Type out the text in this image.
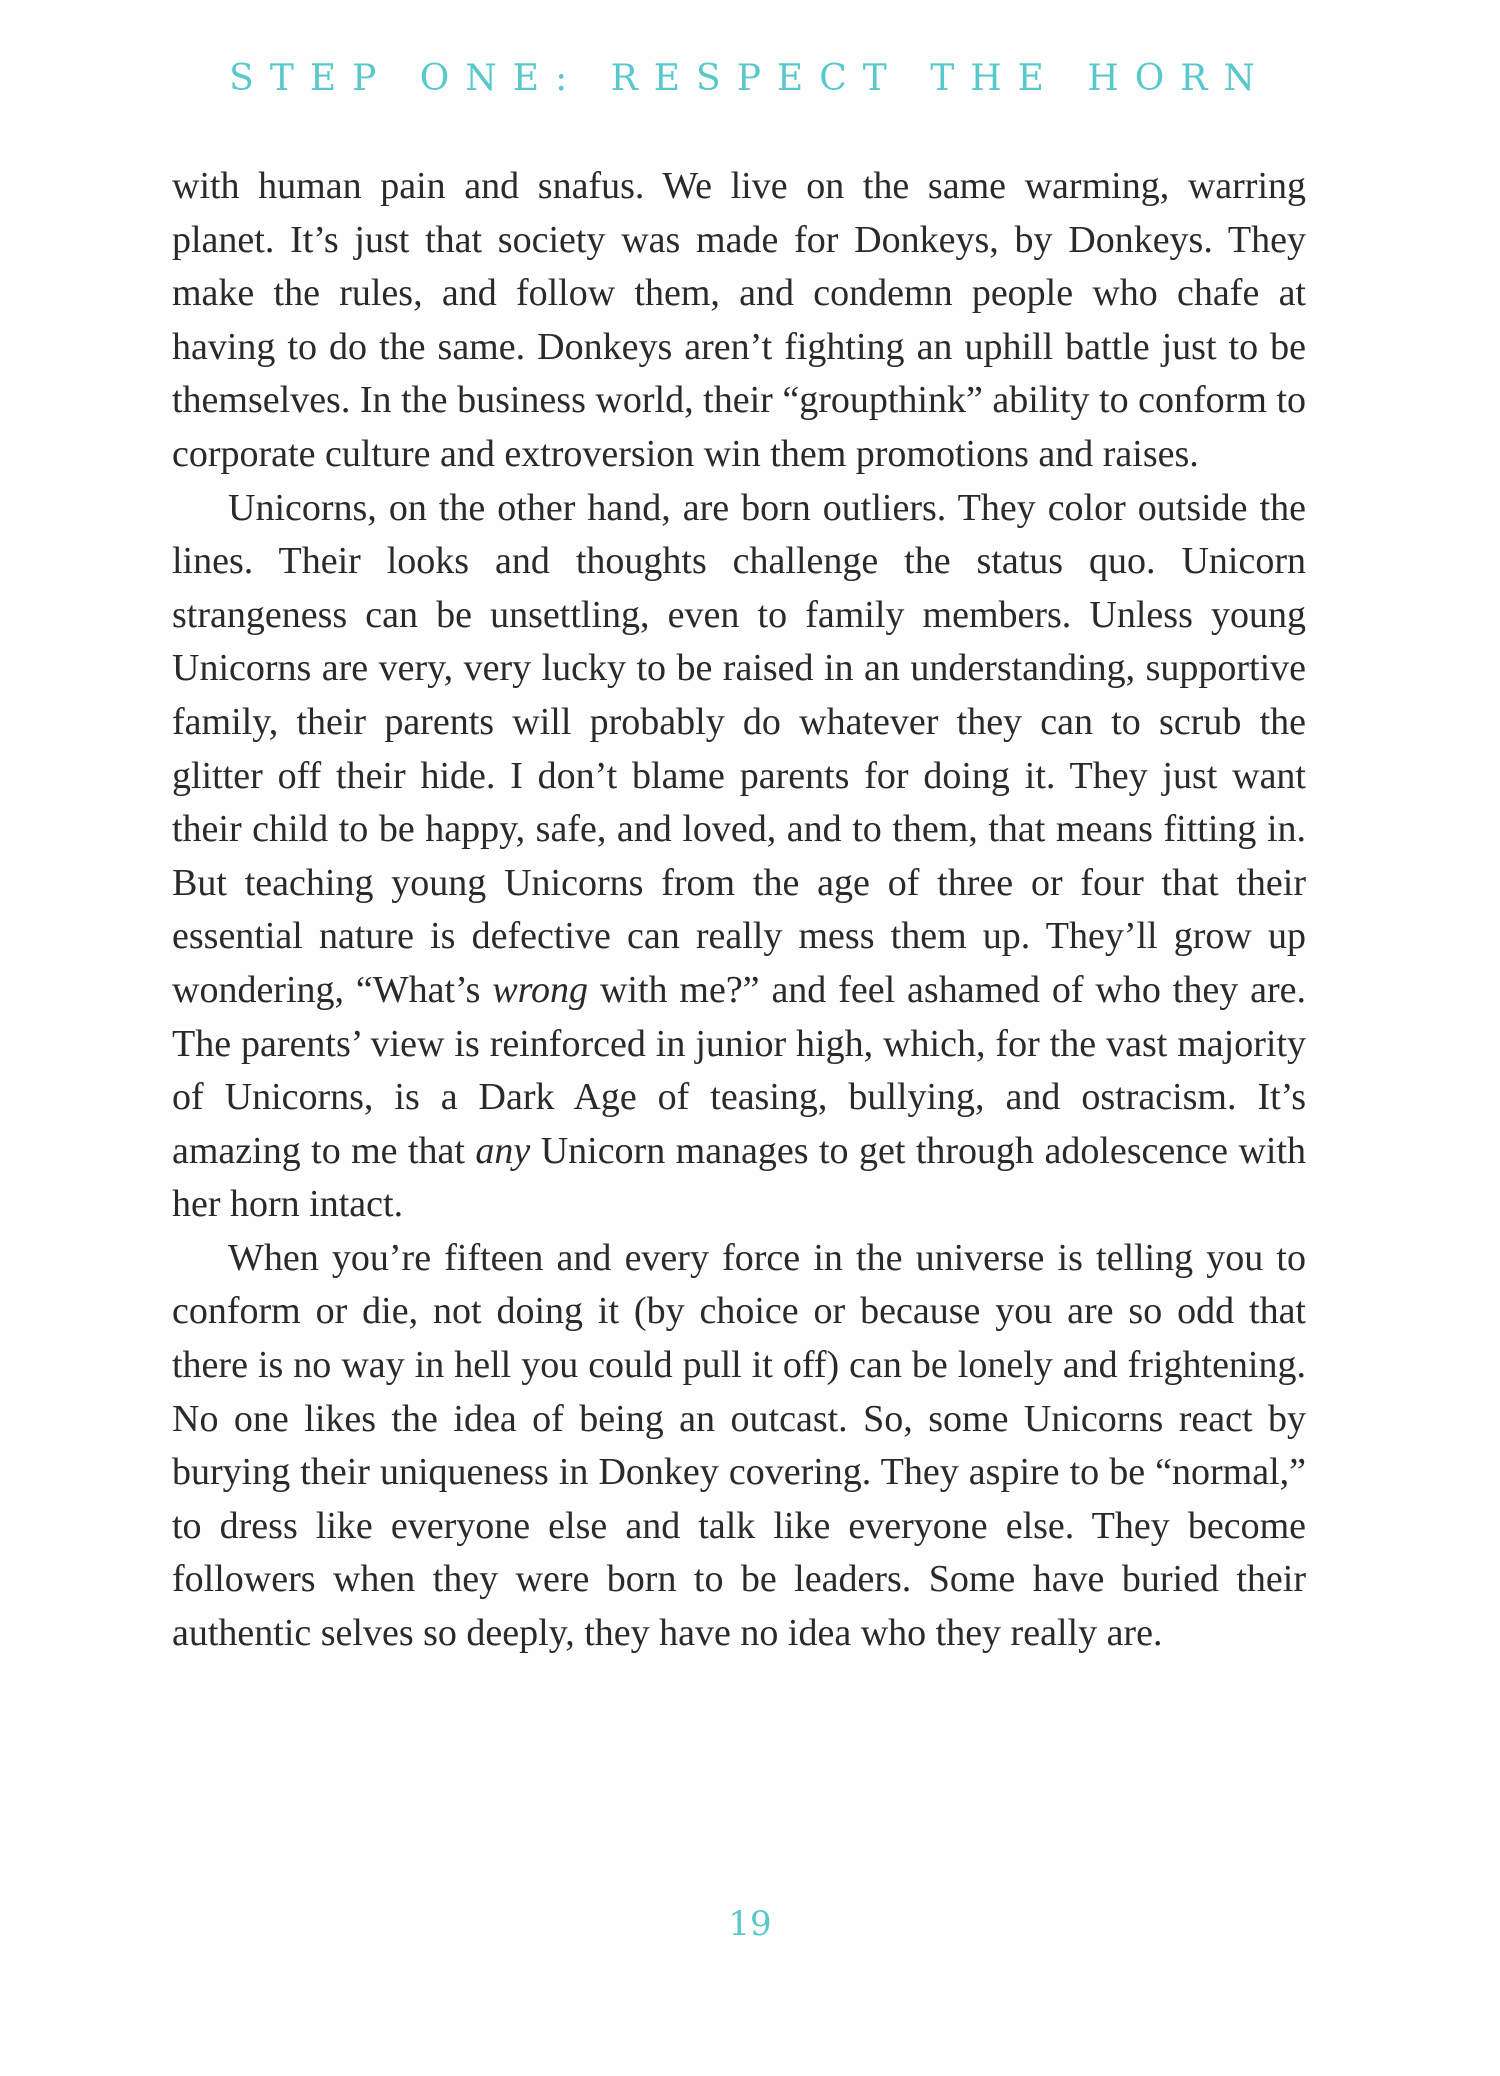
STEP ONE: RESPECT THE HORN

with human pain and snafus. We live on the same warming, warring planet. It’s just that society was made for Donkeys, by Donkeys. They make the rules, and follow them, and condemn people who chafe at having to do the same. Donkeys aren’t fighting an uphill battle just to be themselves. In the business world, their “groupthink” ability to conform to corporate culture and extroversion win them promotions and raises.

Unicorns, on the other hand, are born outliers. They color outside the lines. Their looks and thoughts challenge the status quo. Unicorn strangeness can be unsettling, even to family members. Unless young Unicorns are very, very lucky to be raised in an understanding, supportive family, their parents will probably do whatever they can to scrub the glitter off their hide. I don’t blame parents for doing it. They just want their child to be happy, safe, and loved, and to them, that means fitting in. But teaching young Unicorns from the age of three or four that their essential nature is defective can really mess them up. They’ll grow up wondering, “What’s wrong with me?” and feel ashamed of who they are. The parents’ view is reinforced in junior high, which, for the vast majority of Unicorns, is a Dark Age of teasing, bullying, and ostracism. It’s amazing to me that any Unicorn manages to get through adolescence with her horn intact.

When you’re fifteen and every force in the universe is telling you to conform or die, not doing it (by choice or because you are so odd that there is no way in hell you could pull it off) can be lonely and frightening. No one likes the idea of being an outcast. So, some Unicorns react by burying their uniqueness in Donkey covering. They aspire to be “normal,” to dress like everyone else and talk like everyone else. They become followers when they were born to be leaders. Some have buried their authentic selves so deeply, they have no idea who they really are.

19
